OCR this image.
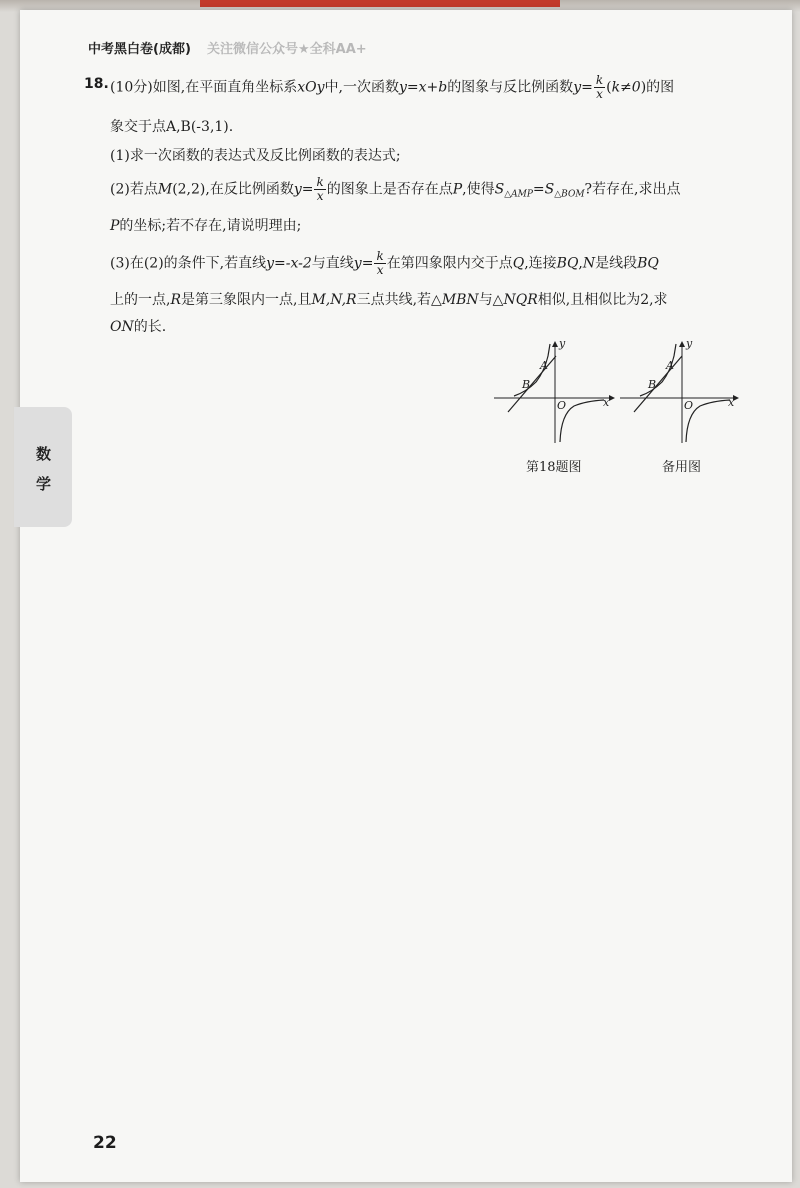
中考黑白卷(成都) 关注微信公众号★全科AA+
18. (10分)如图,在平面直角坐标系xOy中,一次函数y=x+b的图象与反比例函数$y= \frac{k}{x} (k\ne 0)$的图
象交于点A,B(-3,1).
(1)求一次函数的表达式及反比例函数的表达式;
(2)若点M(2,2),在反比例函数$y= \frac{k}{x}$ 的图象上是否存在点P,使得$S_{\triangle AMP}=S_{\triangle BOM}$?若存在,求出点
P的坐标;若不存在,请说明理由;
(3)在(2)的条件下,若直线y=-x-2与直线$y= \frac{k}{x}$ 在第四象限内交于点Q,连接BQ,N是线段BQ
上的一点,R是第三象限内一点,且M,N,R三点共线,若△MBN与△NQR相似,且相似比为2,求
ON的长.
A
B
O	x
y
A
B
O	x
y
第18题图	备用图
数
学
22
